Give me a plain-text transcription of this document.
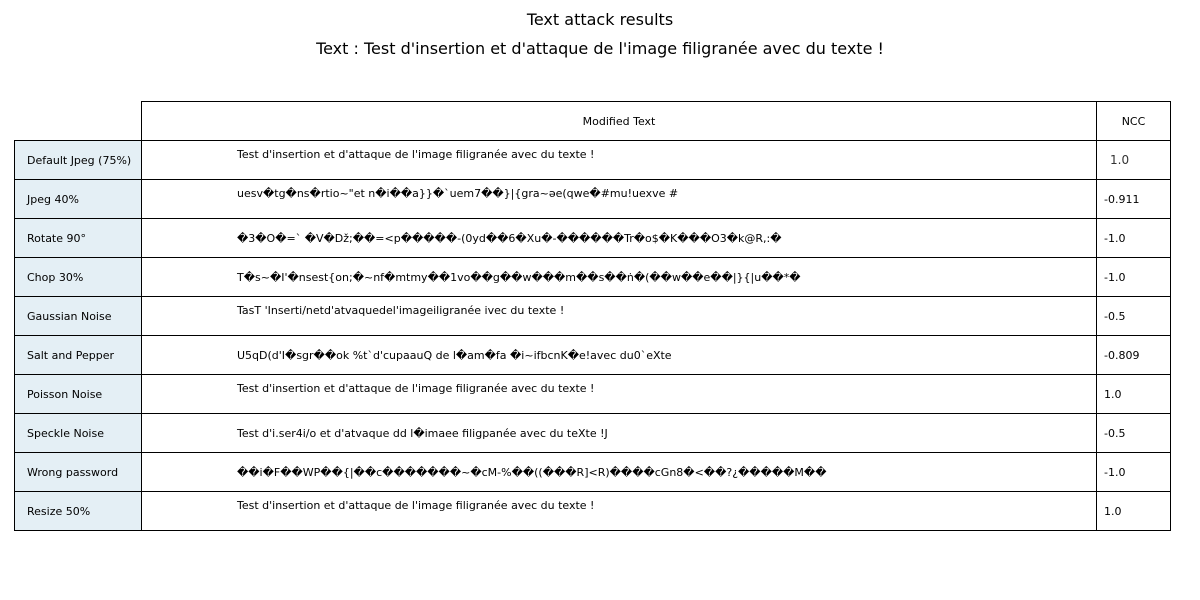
Text attack results
Text : Test d'insertion et d'attaque de l'image filigranée avec du texte !
	Modified Text	NCC
Default Jpeg (75%)	Test d'insertion et d'attaque de l'image filigranée avec du texte !	1.0
Jpeg 40%	uesv�tg�ns�rtio~"et n�i��a}}�`uem7��}|{gra~ǝe(qwe�#mu!uexve #	-0.911
Rotate 90°	�3�O�=` �V�Dž;��=<p�����-(0yd��6�Xu�-������Tr�o$�K���O3�k@R,:�	-1.0
Chop 30%	T�s~�I'�nsest{on;�~nf�mtmy��1vo��g��w���m��s��ṅ�(��w��e��|}{|u��*�	-1.0
Gaussian Noise	TasT 'Inserti/netd'atvaquedel'imageiligranée ivec du texte !	-0.5
Salt and Pepper	U5qD(d'I�sgr��ok %t`d'cupaauQ de l�am�fa �i~ifbcnK�e!avec du0`eXte	-0.809
Poisson Noise	Test d'insertion et d'attaque de l'image filigranée avec du texte !	1.0
Speckle Noise	Test d'i.ser4i/o et d'atvaque dd l�imaee filigpanée avec du teXte !J	-0.5
Wrong password	��i�F��WP��{|��c�������~�cM-%��((���R]<R)����cGn8�<��?¿�����M��	-1.0
Resize 50%	Test d'insertion et d'attaque de l'image filigranée avec du texte !	1.0
